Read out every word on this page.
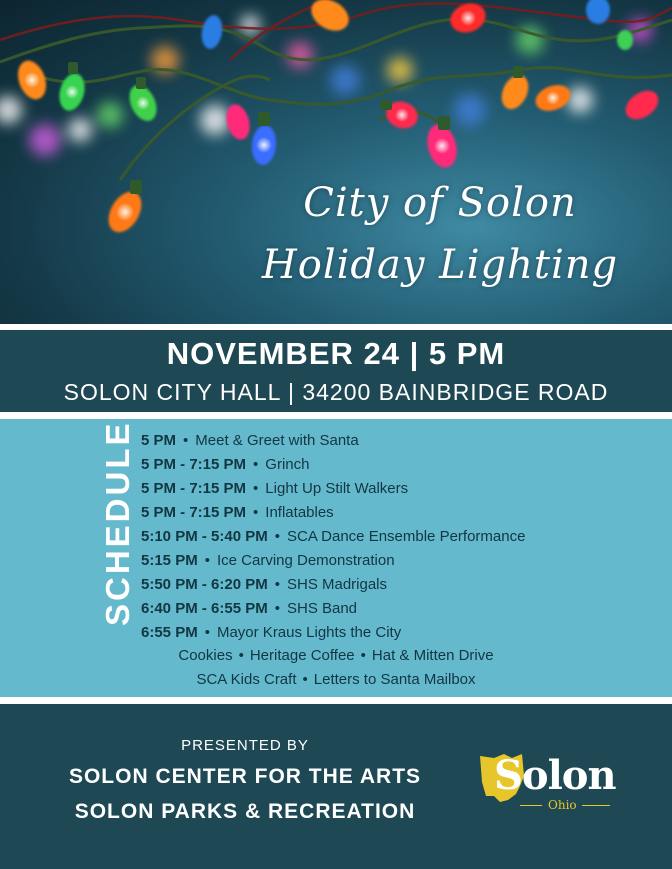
City of Solon
Holiday Lighting
NOVEMBER 24 | 5 PM
SOLON CITY HALL | 34200 BAINBRIDGE ROAD
SCHEDULE 5 PM • Meet & Greet with Santa
5 PM - 7:15 PM • Grinch
5 PM - 7:15 PM • Light Up Stilt Walkers
5 PM - 7:15 PM • Inflatables
5:10 PM - 5:40 PM • SCA Dance Ensemble Performance
5:15 PM • Ice Carving Demonstration
5:50 PM - 6:20 PM • SHS Madrigals
6:40 PM - 6:55 PM • SHS Band
6:55 PM • Mayor Kraus Lights the City
Cookies • Heritage Coffee • Hat & Mitten Drive
SCA Kids Craft • Letters to Santa Mailbox
PRESENTED BY
SOLON CENTER FOR THE ARTS
SOLON PARKS & RECREATION
Solon
Ohio
